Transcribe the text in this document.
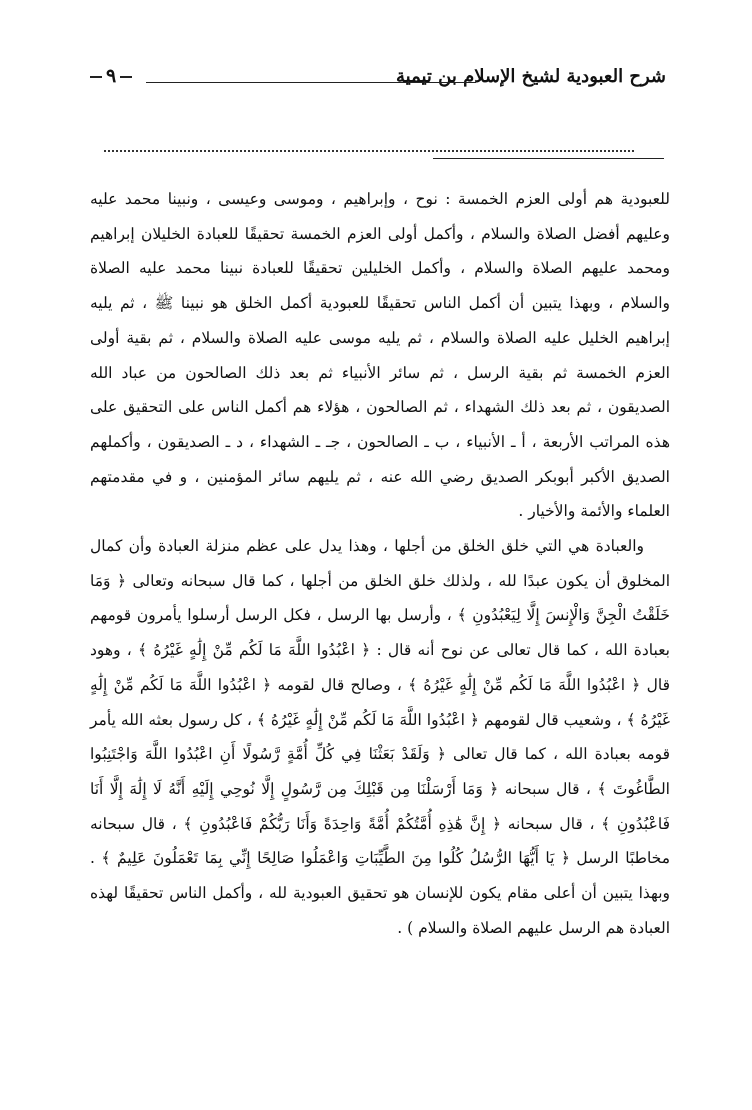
شرح العبودية لشيخ الإسلام بن تيمية
٩

للعبودية هم أولى العزم الخمسة : نوح ، وإبراهيم ، وموسى وعيسى ، ونبينا محمد عليه وعليهم أفضل الصلاة والسلام ، وأكمل أولى العزم الخمسة تحقيقًا للعبادة الخليلان إبراهيم ومحمد عليهم الصلاة والسلام ، وأكمل الخليلين تحقيقًا للعبادة نبينا محمد عليه الصلاة والسلام ، وبهذا يتبين أن أكمل الناس تحقيقًا للعبودية أكمل الخلق هو نبينا ﷺ ، ثم يليه إبراهيم الخليل عليه الصلاة والسلام ، ثم يليه موسى عليه الصلاة والسلام ، ثم بقية أولى العزم الخمسة ثم بقية الرسل ، ثم سائر الأنبياء ثم بعد ذلك الصالحون من عباد الله الصديقون ، ثم بعد ذلك الشهداء ، ثم الصالحون ، هؤلاء هم أكمل الناس على التحقيق على هذه المراتب الأربعة ، أ ـ الأنبياء ، ب ـ الصالحون ، جـ ـ الشهداء ، د ـ الصديقون ، وأكملهم الصديق الأكبر أبوبكر الصديق رضي الله عنه ، ثم يليهم سائر المؤمنين ، و في مقدمتهم العلماء والأئمة والأخيار .

والعبادة هي التي خلق الخلق من أجلها ، وهذا يدل على عظم منزلة العبادة وأن كمال المخلوق أن يكون عبدًا لله ، ولذلك خلق الخلق من أجلها ، كما قال سبحانه وتعالى ﴿ وَمَا خَلَقْتُ الْجِنَّ وَالْإِنسَ إِلَّا لِيَعْبُدُونِ ﴾ ، وأرسل بها الرسل ، فكل الرسل أرسلوا يأمرون قومهم بعبادة الله ، كما قال تعالى عن نوح أنه قال : ﴿ اعْبُدُوا اللَّهَ مَا لَكُم مِّنْ إِلَٰهٍ غَيْرُهُ ﴾ ، وهود قال ﴿ اعْبُدُوا اللَّهَ مَا لَكُم مِّنْ إِلَٰهٍ غَيْرُهُ ﴾ ، وصالح قال لقومه ﴿ اعْبُدُوا اللَّهَ مَا لَكُم مِّنْ إِلَٰهٍ غَيْرُهُ ﴾ ، وشعيب قال لقومهم ﴿ اعْبُدُوا اللَّهَ مَا لَكُم مِّنْ إِلَٰهٍ غَيْرُهُ ﴾ ، كل رسول بعثه الله يأمر قومه بعبادة الله ، كما قال تعالى ﴿ وَلَقَدْ بَعَثْنَا فِي كُلِّ أُمَّةٍ رَّسُولًا أَنِ اعْبُدُوا اللَّهَ وَاجْتَنِبُوا الطَّاغُوتَ ﴾ ، قال سبحانه ﴿ وَمَا أَرْسَلْنَا مِن قَبْلِكَ مِن رَّسُولٍ إِلَّا نُوحِي إِلَيْهِ أَنَّهُ لَا إِلَٰهَ إِلَّا أَنَا فَاعْبُدُونِ ﴾ ، قال سبحانه ﴿ إِنَّ هَٰذِهِ أُمَّتُكُمْ أُمَّةً وَاحِدَةً وَأَنَا رَبُّكُمْ فَاعْبُدُونِ ﴾ ، قال سبحانه مخاطبًا الرسل ﴿ يَا أَيُّهَا الرُّسُلُ كُلُوا مِنَ الطَّيِّبَاتِ وَاعْمَلُوا صَالِحًا إِنِّي بِمَا تَعْمَلُونَ عَلِيمٌ ﴾ . وبهذا يتبين أن أعلى مقام يكون للإنسان هو تحقيق العبودية لله ، وأكمل الناس تحقيقًا لهذه العبادة هم الرسل عليهم الصلاة والسلام ) .
